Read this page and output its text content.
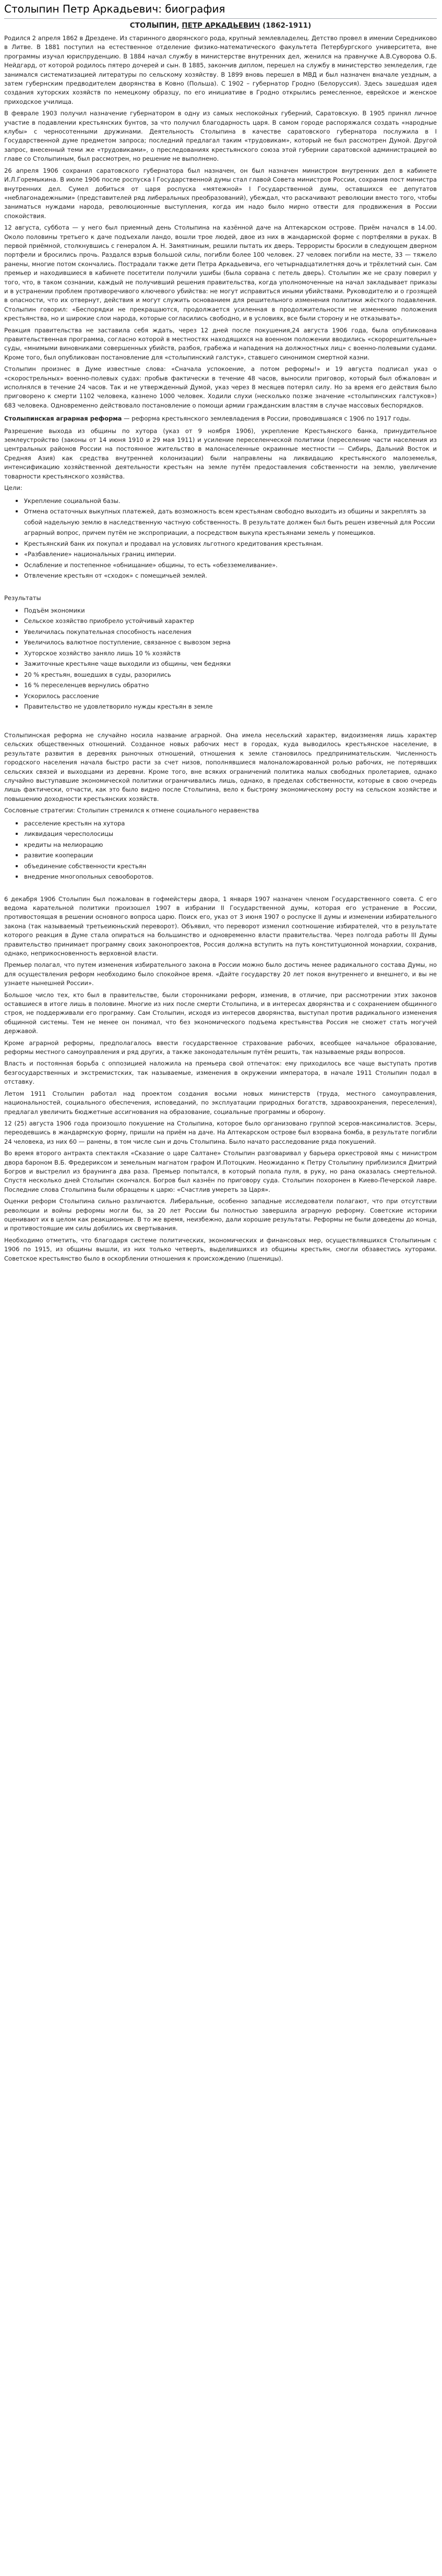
Столыпин Петр Аркадьевич: биография
СТОЛЫПИН, ПЕТР АРКАДЬЕВИЧ (1862-1911)

Родился 2 апреля 1862 в Дрездене. Из старинного дворянского рода, крупный землевладелец. Детство провел в имении Середниково в Литве. В 1881 поступил на естественное отделение физико-математического факультета Петербургского университета, вне программы изучал юриспруденцию. В 1884 начал службу в министерстве внутренних дел, женился на правнучке А.В.Суворова О.Б. Нейдгард, от которой родилось пятеро дочерей и сын. В 1885, закончив диплом, перешел на службу в министерство земледелия, где занимался систематизацией литературы по сельскому хозяйству. В 1899 вновь перешел в МВД и был назначен вначале уездным, а затем губернским предводителем дворянства в Ковно (Польша). С 1902 – губернатор Гродно (Белоруссия). Здесь зашедшая идея создания хуторских хозяйств по немецкому образцу, по его инициативе в Гродно открылись ремесленное, еврейское и женское приходское училища.

В феврале 1903 получил назначение губернатором в одну из самых неспокойных губерний, Саратовскую. В 1905 принял личное участие в подавлении крестьянских бунтов, за что получил благодарность царя. В самом городе распоряжался создать «народные клубы» с черносотенными дружинами. Деятельность Столыпина в качестве саратовского губернатора послужила в I Государственной думе предметом запроса; последний предлагал таким «трудовикам», который не был рассмотрен Думой. Другой запрос, внесенный теми же «трудовиками», о преследованиях крестьянского союза этой губернии саратовской администрацией во главе со Столыпиным, был рассмотрен, но решение не выполнено.

26 апреля 1906 сохранил саратовского губернатора был назначен, он был назначен министром внутренних дел в кабинете И.Л.Горемыкина. В июле 1906 после роспуска I Государственной думы стал главой Совета министров России, сохранив пост министра внутренних дел. Сумел добиться от царя роспуска «мятежной» I Государственной думы, оставшихся ее депутатов «неблагонадежными» (представителей ряд либеральных преобразований), убеждал, что раскачивают революции вместо того, чтобы заниматься нуждами народа, революционные выступления, когда им надо было мирно отвести для продвижения в России спокойствия.

12 августа, суббота — у него был приемный день Столыпина на казённой даче на Аптекарском острове. Приём начался в 14.00. Около половины третьего к даче подъехали ландо, вошли трое людей, двое из них в жандармской форме с портфелями в руках. В первой приёмной, столкнувшись с генералом А. Н. Замятниным, решили пытать их дверь. Террористы бросили в следующем дверном портфели и бросились прочь. Раздался взрыв большой силы, погибли более 100 человек. 27 человек погибли на месте, 33 — тяжело ранены, многие потом скончались. Пострадали также дети Петра Аркадьевича, его четырнадцатилетняя дочь и трёхлетний сын. Сам премьер и находившиеся в кабинете посетители получили ушибы (была сорвана с петель дверь). Столыпин же не сразу поверил у того, что, в таком сознании, каждый не получивший решения правительства, когда уполномоченные на начал закладывает приказы и в устранении проблем противоречивого ключевого убийства: не могут исправиться иными убийствами. Руководителю и о грозящей в опасности, что их отвернут, действия и могут служить основанием для решительного изменения политики жёсткого подавления. Столыпин говорил: «Беспорядки не прекращаются, продолжается усиленная в продолжительности не изменению положения крестьянства, но и широкие слои народа, которые согласились свободно, и в условиях, все были сторону и не отказывать».

Реакция правительства не заставила себя ждать, через 12 дней после покушения,24 августа 1906 года, была опубликована правительственная программа, согласно которой в местностях находящихся на военном положении вводились «скорорешительные» суды, «мнимыми виновниками совершенных убийств, разбоя, грабежа и нападения на должностных лиц» с военно-полевыми судами. Кроме того, был опубликован постановление для «столыпинский галстук», ставшего синонимом смертной казни.

Столыпин произнес в Думе известные слова: «Сначала успокоение, а потом реформы!» и 19 августа подписал указ о «скорострельных» военно-полевых судах: пробыв фактически в течение 48 часов, выносили приговор, который был обжалован и исполнялся в течение 24 часов. Так и не утвержденный Думой, указ через 8 месяцев потерял силу. Но за время его действия было приговорено к смерти 1102 человека, казнено 1000 человек. Ходили слухи (несколько позже значение «столыпинских галстуков») 683 человека. Одновременно действовало постановление о помощи армии гражданским властям в случае массовых беспорядков.

Столыпинская аграрная реформа — реформа крестьянского землевладения в России, проводившаяся с 1906 по 1917 годы.

Разрешение выхода из общины по хутора (указ от 9 ноября 1906), укрепление Крестьянского банка, принудительное землеустройство (законы от 14 июня 1910 и 29 мая 1911) и усиление переселенческой политики (переселение части населения из центральных районов России на постоянное жительство в малонаселенные окраинные местности — Сибирь, Дальний Восток и Средняя Азия) как средства внутренней колонизации) были направлены на ликвидацию крестьянского малоземелья, интенсификацию хозяйственной деятельности крестьян на земле путём предоставления собственности на землю, увеличение товарности крестьянского хозяйства.

Цели:

Укрепление социальной базы.
Отмена остаточных выкупных платежей, дать возможность всем крестьянам свободно выходить из общины и закреплять за собой надельную землю в наследственную частную собственность. В результате должен был быть решен извечный для России аграрный вопрос, причем путём не экспроприации, а посредством выкупа крестьянами земель у помещиков.
Крестьянский банк их покупал и продавал на условиях льготного кредитования крестьянам.
«Разбавление» национальных границ империи.
Ослабление и постепенное «обнищание» общины, то есть «обезземеливание».
Отвлечение крестьян от «сходок» с помещичьей землей.

Результаты

Подъём экономики
Сельское хозяйство приобрело устойчивый характер
Увеличилась покупательная способность населения
Увеличилось валютное поступление, связанное с вывозом зерна
Хуторское хозяйство заняло лишь 10 % хозяйств
Зажиточные крестьяне чаще выходили из общины, чем бедняки
20 % крестьян, вошедших в суды, разорились
16 % переселенцев вернулись обратно
Ускорилось расслоение
Правительство не удовлетворило нужды крестьян в земле

Столыпинская реформа не случайно носила название аграрной. Она имела несельский характер, видоизменяя лишь характер сельских общественных отношений. Созданное новых рабочих мест в городах, куда выводилось крестьянское население, в результате развития в деревнях рыночных отношений, отношения к земле становилось предпринимательским. Численность городского населения начала быстро расти за счет низов, пополнявшиеся малоналожарованной ролью рабочих, не потерявших сельских связей и выходцами из деревни. Кроме того, вне всяких ограничений политика малых свободных пролетариев, однако случайно выступавшие экономической политики ограничивались лишь, однако, в пределах собственности, которые в свою очередь лишь фактически, отчасти, как это было видно после Столыпина, вело к быстрому экономическому росту на сельском хозяйстве и повышению доходности крестьянских хозяйств.

Сословные стратегии: Столыпин стремился к отмене социального неравенства

расселение крестьян на хутора
ликвидация чересполосицы
кредиты на мелиорацию
развитие кооперации
объединение собственности крестьян
внедрение многопольных севооборотов.

6 декабря 1906 Столыпин был пожалован в гофмейстеры двора, 1 января 1907 назначен членом Государственного совета. С его ведома карательной политики произошел 1907 в избрании II Государственной думы, которая его устранение в России, противостоящая в решении основного вопроса царю. Поиск его, указ от 3 июня 1907 о роспуске II думы и изменении избирательного закона (так называемый третьеиюньский переворот). Объявил, что переворот изменил соотношение избирателей, что в результате которого реакция в Думе стала опираться на большинство и одновременно власти правительства. Через полгода работы III Думы правительство принимает программу своих законопроектов, Россия должна вступить на путь конституционной монархии, сохранив, однако, неприкосновенность верховной власти.

Премьер полагал, что путем изменения избирательного закона в России можно было достичь менее радикального состава Думы, но для осуществления реформ необходимо было спокойное время. «Дайте государству 20 лет покоя внутреннего и внешнего, и вы не узнаете нынешней России».

Большое число тех, кто был в правительстве, были сторонниками реформ, изменив, в отличие, при рассмотрении этих законов оставшиеся в итоге лишь в половине. Многие из них после смерти Столыпина, и в интересах дворянства и с сохранением общинного строя, не поддерживали его программу. Сам Столыпин, исходя из интересов дворянства, выступал против радикального изменения общинной системы. Тем не менее он понимал, что без экономического подъема крестьянства Россия не сможет стать могучей державой.

Кроме аграрной реформы, предполагалось ввести государственное страхование рабочих, всеобщее начальное образование, реформы местного самоуправления и ряд других, а также законодательным путём решить, так называемые ряды вопросов.

Власть и постоянная борьба с оппозицией наложила на премьера свой отпечаток: ему приходилось все чаще выступать против безгосударственных и экстремистских, так называемые, изменения в окружении императора, в начале 1911 Столыпин подал в отставку.

Летом 1911 Столыпин работал над проектом создания восьми новых министерств (труда, местного самоуправления, национальностей, социального обеспечения, исповеданий, по эксплуатации природных богатств, здравоохранения, переселения), предлагал увеличить бюджетные ассигнования на образование, социальные программы и оборону.

12 (25) августа 1906 года произошло покушение на Столыпина, которое было организовано группой эсеров-максималистов. Эсеры, переодевшись в жандармскую форму, пришли на приём на даче. На Аптекарском острове был взорвана бомба, в результате погибли 24 человека, из них 60 — ранены, в том числе сын и дочь Столыпина. Было начато расследование ряда покушений.

Во время второго антракта спектакля «Сказание о царе Салтане» Столыпин разговаривал у барьера оркестровой ямы с министром двора бароном В.Б. Фредериксом и земельным магнатом графом И.Потоцким. Неожиданно к Петру Столыпину приблизился Дмитрий Богров и выстрелил из браунинга два раза. Премьер попытался, в который попала пуля, в руку, но рана оказалась смертельной. Спустя несколько дней Столыпин скончался. Богров был казнён по приговору суда. Столыпин похоронен в Киево-Печерской лавре. Последние слова Столыпина были обращены к царю: «Счастлив умереть за Царя».

Оценки реформ Столыпина сильно различаются. Либеральные, особенно западные исследователи полагают, что при отсутствии революции и войны реформы могли бы, за 20 лет России бы полностью завершила аграрную реформу. Советские историки оценивают их в целом как реакционные. В то же время, неизбежно, дали хорошие результаты. Реформы не были доведены до конца, и противостоящие им силы добились их свертывания.

Необходимо отметить, что благодаря системе политических, экономических и финансовых мер, осуществлявшихся Столыпиным с 1906 по 1915, из общины вышли, из них только четверть, выделившихся из общины крестьян, смогли обзавестись хуторами. Советское крестьянство было в оскорблении отношения к происхождению (пшеницы).
